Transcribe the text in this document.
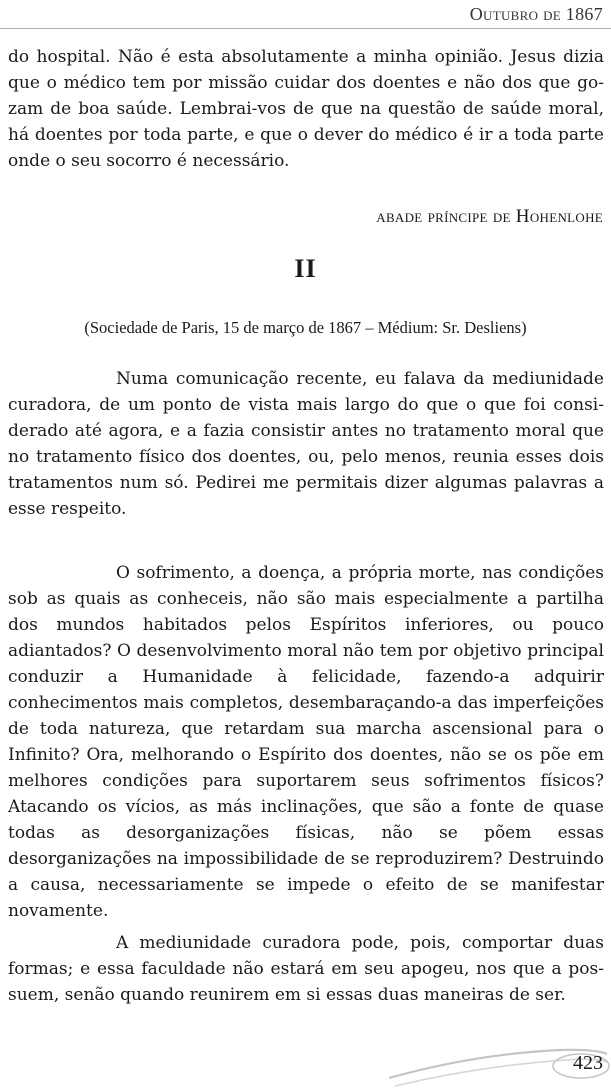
Outubro de 1867

do hospital. Não é esta absolutamente a minha opinião. Jesus dizia que o médico tem por missão cuidar dos doentes e não dos que gozam de boa saúde. Lembrai-vos de que na questão de saúde moral, há doentes por toda parte, e que o dever do médico é ir a toda parte onde o seu socorro é necessário.

abade príncipe de Hohenlohe
II
(Sociedade de Paris, 15 de março de 1867 – Médium: Sr. Desliens)

Numa comunicação recente, eu falava da mediunidade curadora, de um ponto de vista mais largo do que o que foi considerado até agora, e a fazia consistir antes no tratamento moral que no tratamento físico dos doentes, ou, pelo menos, reunia esses dois tratamentos num só. Pedirei me permitais dizer algumas palavras a esse respeito.

O sofrimento, a doença, a própria morte, nas condições sob as quais as conheceis, não são mais especialmente a partilha dos mundos habitados pelos Espíritos inferiores, ou pouco adiantados? O desenvolvimento moral não tem por objetivo principal conduzir a Humanidade à felicidade, fazendo-a adquirir conhecimentos mais completos, desembaraçando-a das imperfeições de toda natureza, que retardam sua marcha ascensional para o Infinito? Ora, melhorando o Espírito dos doentes, não se os põe em melhores condições para suportarem seus sofrimentos físicos? Atacando os vícios, as más inclinações, que são a fonte de quase todas as desorganizações físicas, não se põem essas desorganizações na impossibilidade de se reproduzirem? Destruindo a causa, necessariamente se impede o efeito de se manifestar novamente.

A mediunidade curadora pode, pois, comportar duas formas; e essa faculdade não estará em seu apogeu, nos que a possuem, senão quando reunirem em si essas duas maneiras de ser.

423
